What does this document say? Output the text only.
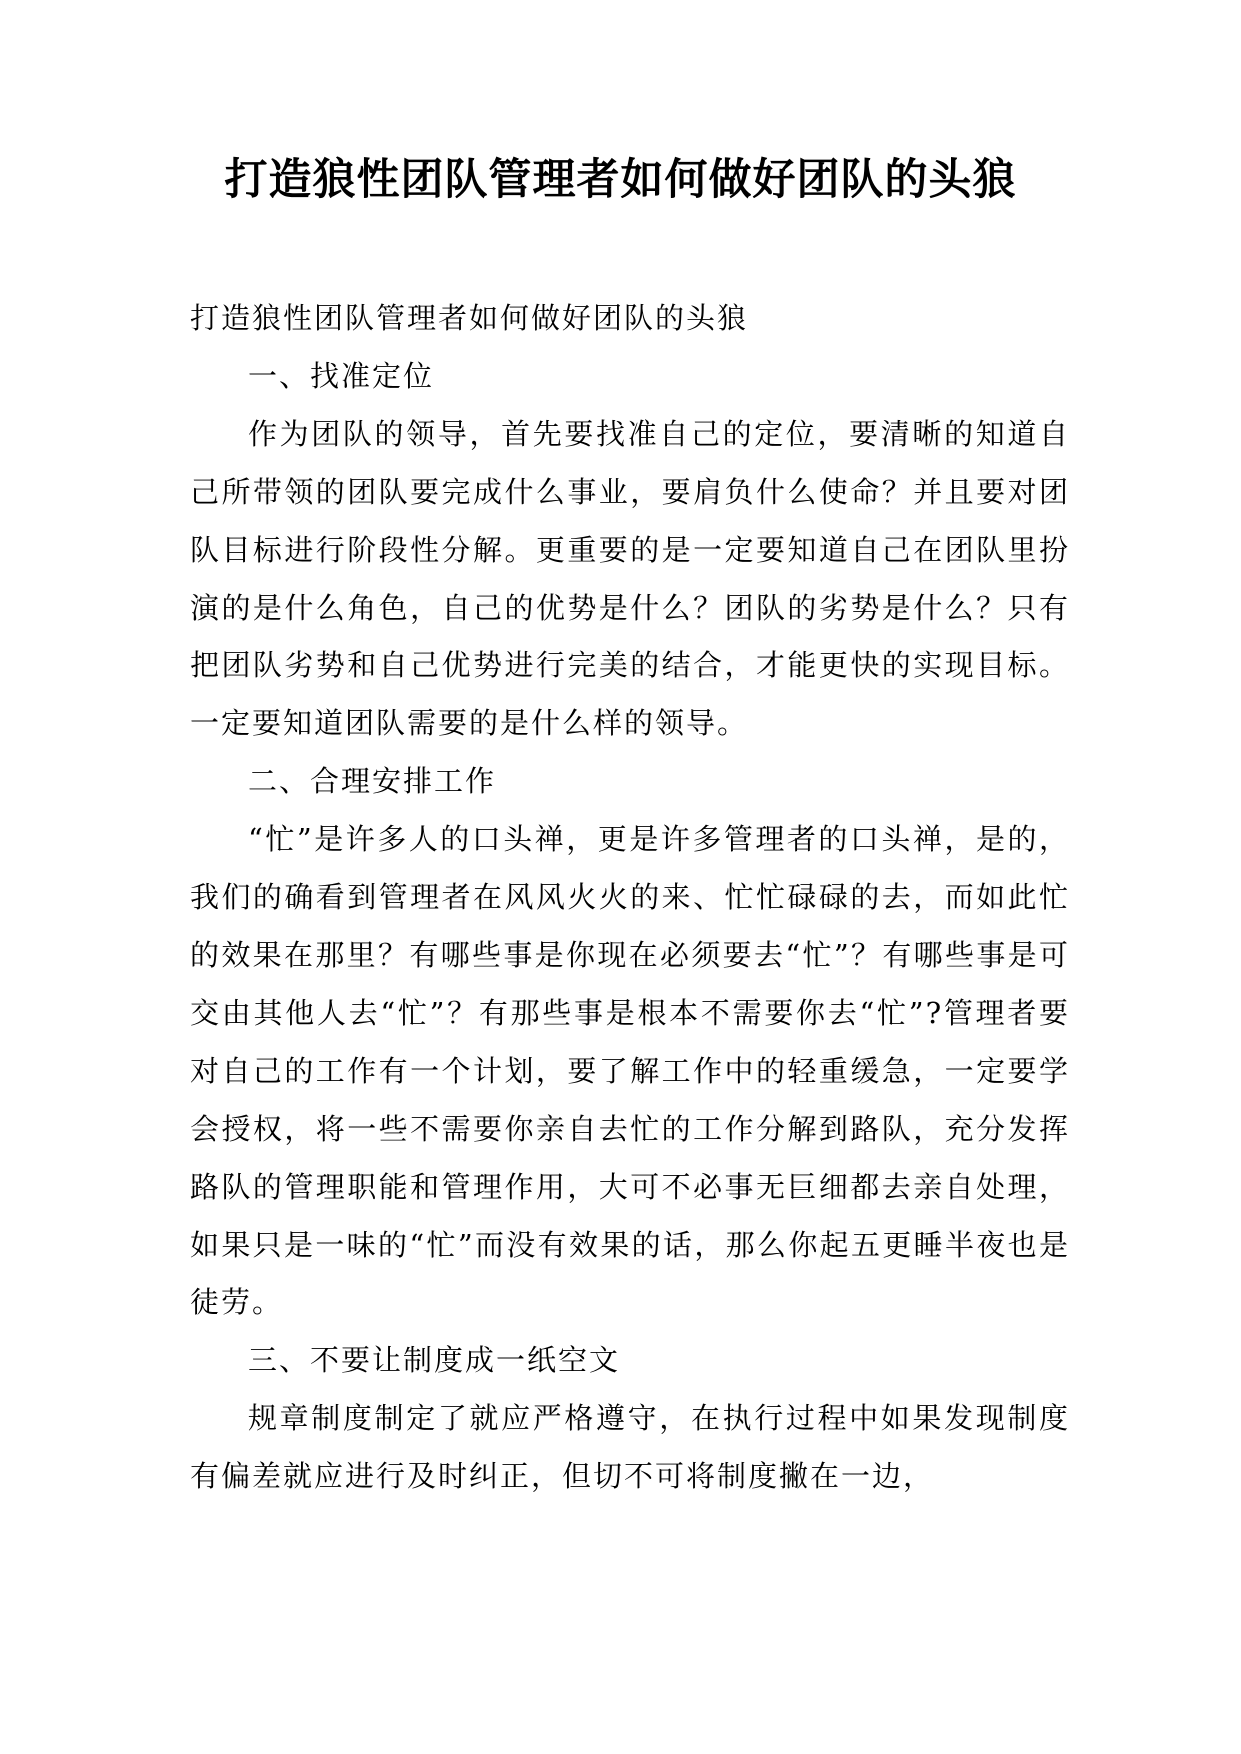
打造狼性团队管理者如何做好团队的头狼

打造狼性团队管理者如何做好团队的头狼

一、找准定位

作为团队的领导，首先要找准自己的定位，要清晰的知道自己所带领的团队要完成什么事业，要肩负什么使命？并且要对团队目标进行阶段性分解。更重要的是一定要知道自己在团队里扮演的是什么角色，自己的优势是什么？团队的劣势是什么？只有把团队劣势和自己优势进行完美的结合，才能更快的实现目标。一定要知道团队需要的是什么样的领导。

二、合理安排工作

“忙”是许多人的口头禅，更是许多管理者的口头禅，是的，我们的确看到管理者在风风火火的来、忙忙碌碌的去，而如此忙的效果在那里？有哪些事是你现在必须要去“忙”？有哪些事是可交由其他人去“忙”？有那些事是根本不需要你去“忙”?管理者要对自己的工作有一个计划，要了解工作中的轻重缓急，一定要学会授权，将一些不需要你亲自去忙的工作分解到路队，充分发挥路队的管理职能和管理作用，大可不必事无巨细都去亲自处理，如果只是一味的“忙”而没有效果的话，那么你起五更睡半夜也是徒劳。

三、不要让制度成一纸空文

规章制度制定了就应严格遵守，在执行过程中如果发现制度有偏差就应进行及时纠正，但切不可将制度撇在一边，
